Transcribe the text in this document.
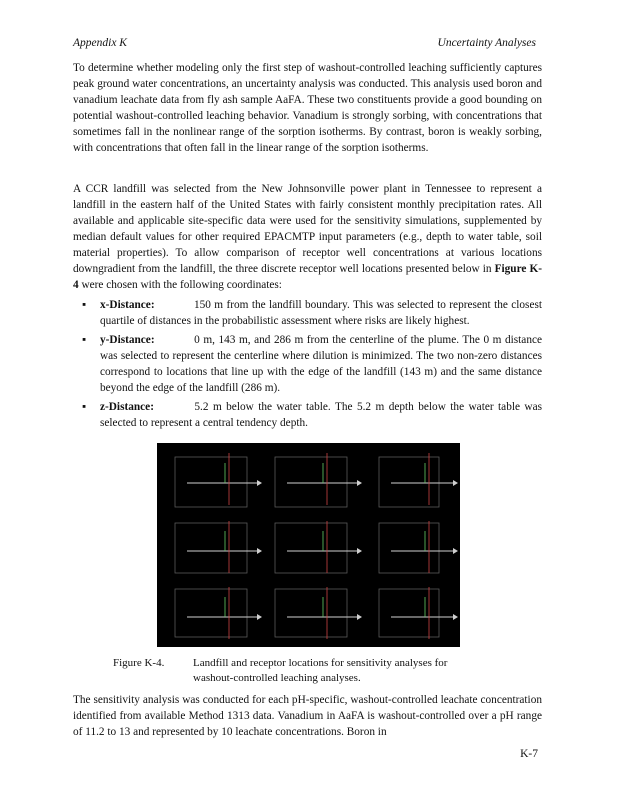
Appendix K	Uncertainty Analyses

To determine whether modeling only the first step of washout-controlled leaching sufficiently captures peak ground water concentrations, an uncertainty analysis was conducted. This analysis used boron and vanadium leachate data from fly ash sample AaFA. These two constituents provide a good bounding on potential washout-controlled leaching behavior. Vanadium is strongly sorbing, with concentrations that sometimes fall in the nonlinear range of the sorption isotherms. By contrast, boron is weakly sorbing, with concentrations that often fall in the linear range of the sorption isotherms.

A CCR landfill was selected from the New Johnsonville power plant in Tennessee to represent a landfill in the eastern half of the United States with fairly consistent monthly precipitation rates. All available and applicable site-specific data were used for the sensitivity simulations, supplemented by median default values for other required EPACMTP input parameters (e.g., depth to water table, soil material properties). To allow comparison of receptor well concentrations at various locations downgradient from the landfill, the three discrete receptor well locations presented below in Figure K-4 were chosen with the following coordinates:

▪ x-Distance:	150 m from the landfill boundary. This was selected to represent the closest quartile of distances in the probabilistic assessment where risks are likely highest.
▪ y-Distance:	0 m, 143 m, and 286 m from the centerline of the plume. The 0 m distance was selected to represent the centerline where dilution is minimized. The two non-zero distances correspond to locations that line up with the edge of the landfill (143 m) and the same distance beyond the edge of the landfill (286 m).
▪ z-Distance:	5.2 m below the water table. The 5.2 m depth below the water table was selected to represent a central tendency depth.
Figure K-4.	Landfill and receptor locations for sensitivity analyses for
washout-controlled leaching analyses.

The sensitivity analysis was conducted for each pH-specific, washout-controlled leachate concentration identified from available Method 1313 data. Vanadium in AaFA is washout-controlled over a pH range of 11.2 to 13 and represented by 10 leachate concentrations. Boron in

K-7
